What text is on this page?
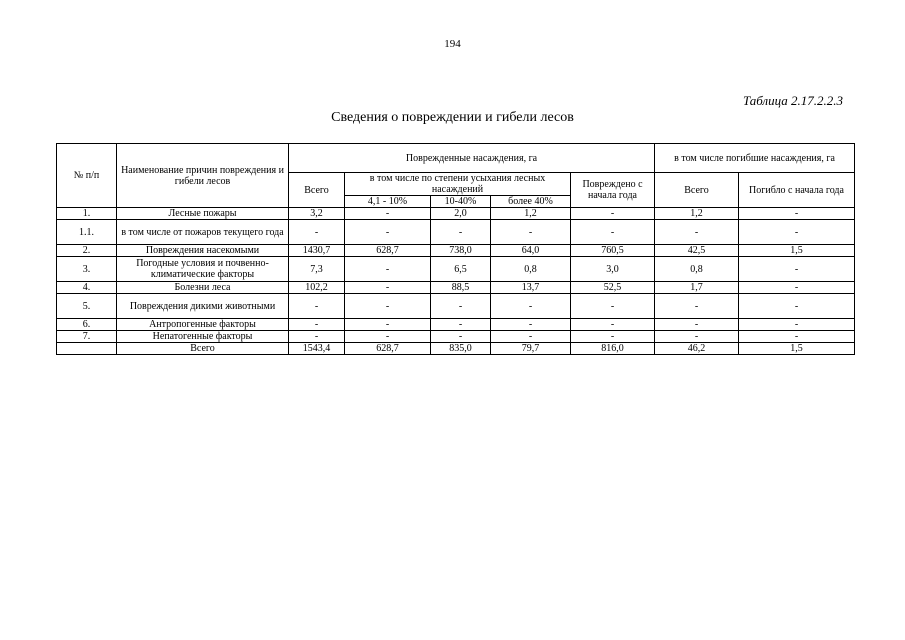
194
Таблица 2.17.2.2.3
Сведения о повреждении и гибели лесов
№ п/п	Наименование причин повреждения и гибели лесов	Поврежденные насаждения, га					в том числе погибшие насаждения, га	
		Всего	в том числе по степени усыхания лесных насаждений			Повреждено с начала года	Всего	Погибло с начала года
			4,1 - 10%	10-40%	более 40%			
1.	Лесные пожары	3,2	-	2,0	1,2	-	1,2	-
1.1.	в том числе от пожаров текущего года	-	-	-	-	-	-	-
2.	Повреждения насекомыми	1430,7	628,7	738,0	64,0	760,5	42,5	1,5
3.	Погодные условия и почвенно-климатические факторы	7,3	-	6,5	0,8	3,0	0,8	-
4.	Болезни леса	102,2	-	88,5	13,7	52,5	1,7	-
5.	Повреждения дикими животными	-	-	-	-	-	-	-
6.	Антропогенные факторы	-	-	-	-	-	-	-
7.	Непатогенные факторы	-	-	-	-	-	-	-
	Всего	1543,4	628,7	835,0	79,7	816,0	46,2	1,5
